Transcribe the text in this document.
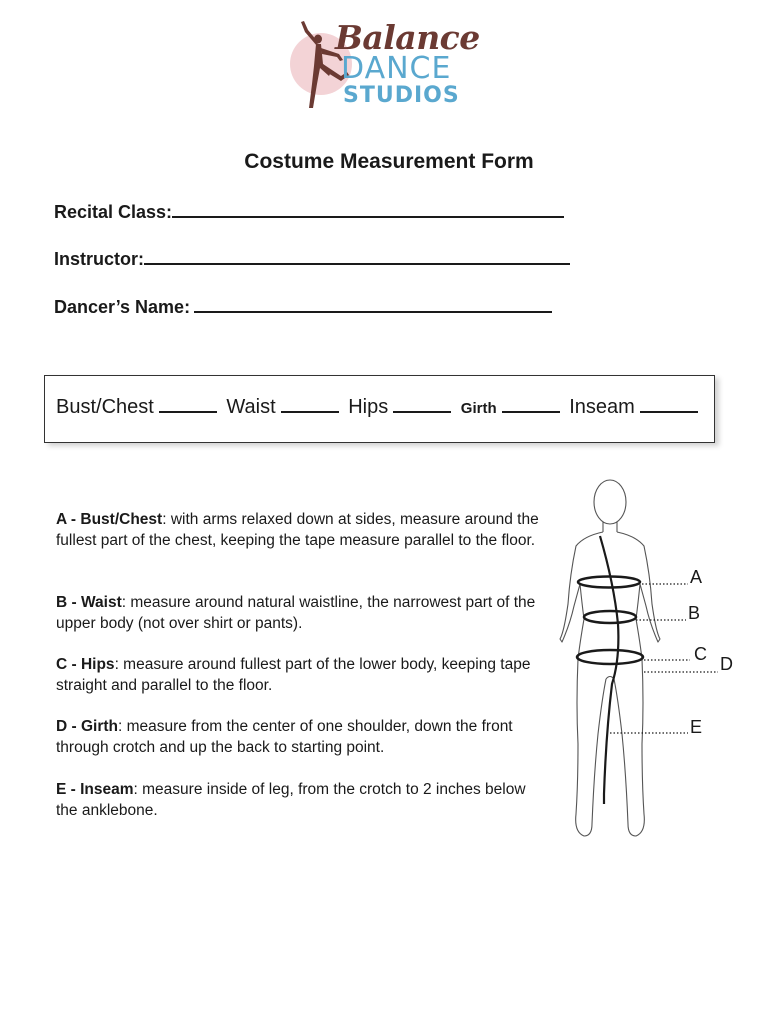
Balance
DANCE
STUDIOS
Costume Measurement Form
Recital Class:
Instructor:
Dancer’s Name:
Bust/Chest	Waist	Hips	Girth	Inseam
A - Bust/Chest: with arms relaxed down at sides, measure around the fullest part of the chest, keeping the tape measure parallel to the floor.
B - Waist: measure around natural waistline, the narrowest part of the upper body (not over shirt or pants).
C - Hips: measure around fullest part of the lower body, keeping tape straight and parallel to the floor.
D - Girth: measure from the center of one shoulder, down the front through crotch and up the back to starting point.
E - Inseam: measure inside of leg, from the crotch to 2 inches below the anklebone.
A
B
C D
E
